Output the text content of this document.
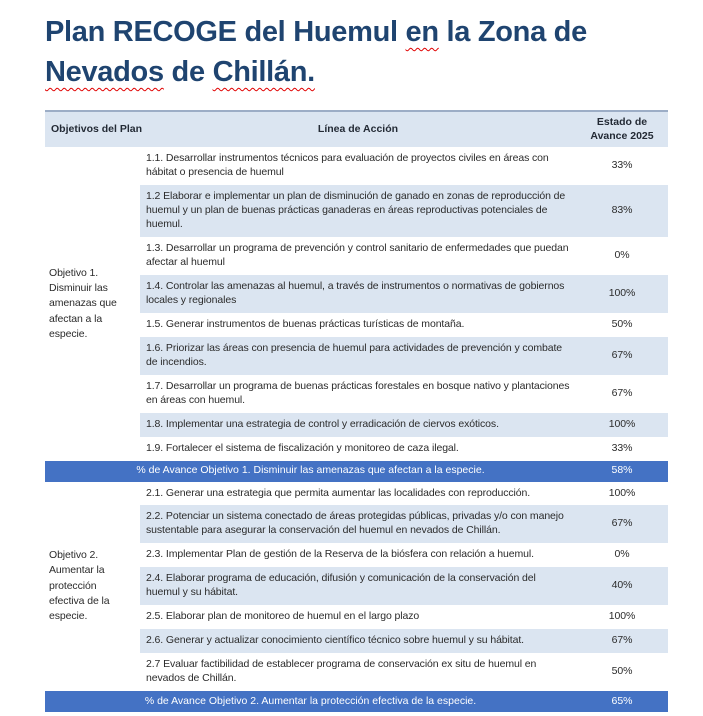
Plan RECOGE del Huemul en la Zona de
Nevados de Chillán.
Objetivos del Plan	Línea de Acción	Estado de Avance 2025
Objetivo 1. Disminuir las amenazas que afectan a la especie.	1.1. Desarrollar instrumentos técnicos para evaluación de proyectos civiles en áreas con hábitat o presencia de huemul	33%
	1.2 Elaborar e implementar un plan de disminución de ganado en zonas de reproducción de huemul y un plan de buenas prácticas ganaderas en áreas reproductivas potenciales de huemul.	83%
	1.3. Desarrollar un programa de prevención y control sanitario de enfermedades que puedan afectar al huemul	0%
	1.4. Controlar las amenazas al huemul, a través de instrumentos o normativas de gobiernos locales y regionales	100%
	1.5. Generar instrumentos de buenas prácticas turísticas de montaña.	50%
	1.6. Priorizar las áreas con presencia de huemul para actividades de prevención y combate de incendios.	67%
	1.7. Desarrollar un programa de buenas prácticas forestales en bosque nativo y plantaciones en áreas con huemul.	67%
	1.8. Implementar una estrategia de control y erradicación de ciervos exóticos.	100%
	1.9. Fortalecer el sistema de fiscalización y monitoreo de caza ilegal.	33%
% de Avance Objetivo 1. Disminuir las amenazas que afectan a la especie.		58%
Objetivo 2. Aumentar la protección efectiva de la especie.	2.1. Generar una estrategia que permita aumentar las localidades con reproducción.	100%
	2.2. Potenciar un sistema conectado de áreas protegidas públicas, privadas y/o con manejo sustentable para asegurar la conservación del huemul en nevados de Chillán.	67%
	2.3. Implementar Plan de gestión de la Reserva de la biósfera con relación a huemul.	0%
	2.4. Elaborar programa de educación, difusión y comunicación de la conservación del huemul y su hábitat.	40%
	2.5. Elaborar plan de monitoreo de huemul en el largo plazo	100%
	2.6. Generar y actualizar conocimiento científico técnico sobre huemul y su hábitat.	67%
	2.7 Evaluar factibilidad de establecer programa de conservación ex situ de huemul en nevados de Chillán.	50%
% de Avance Objetivo 2. Aumentar la protección efectiva de la especie.		65%
